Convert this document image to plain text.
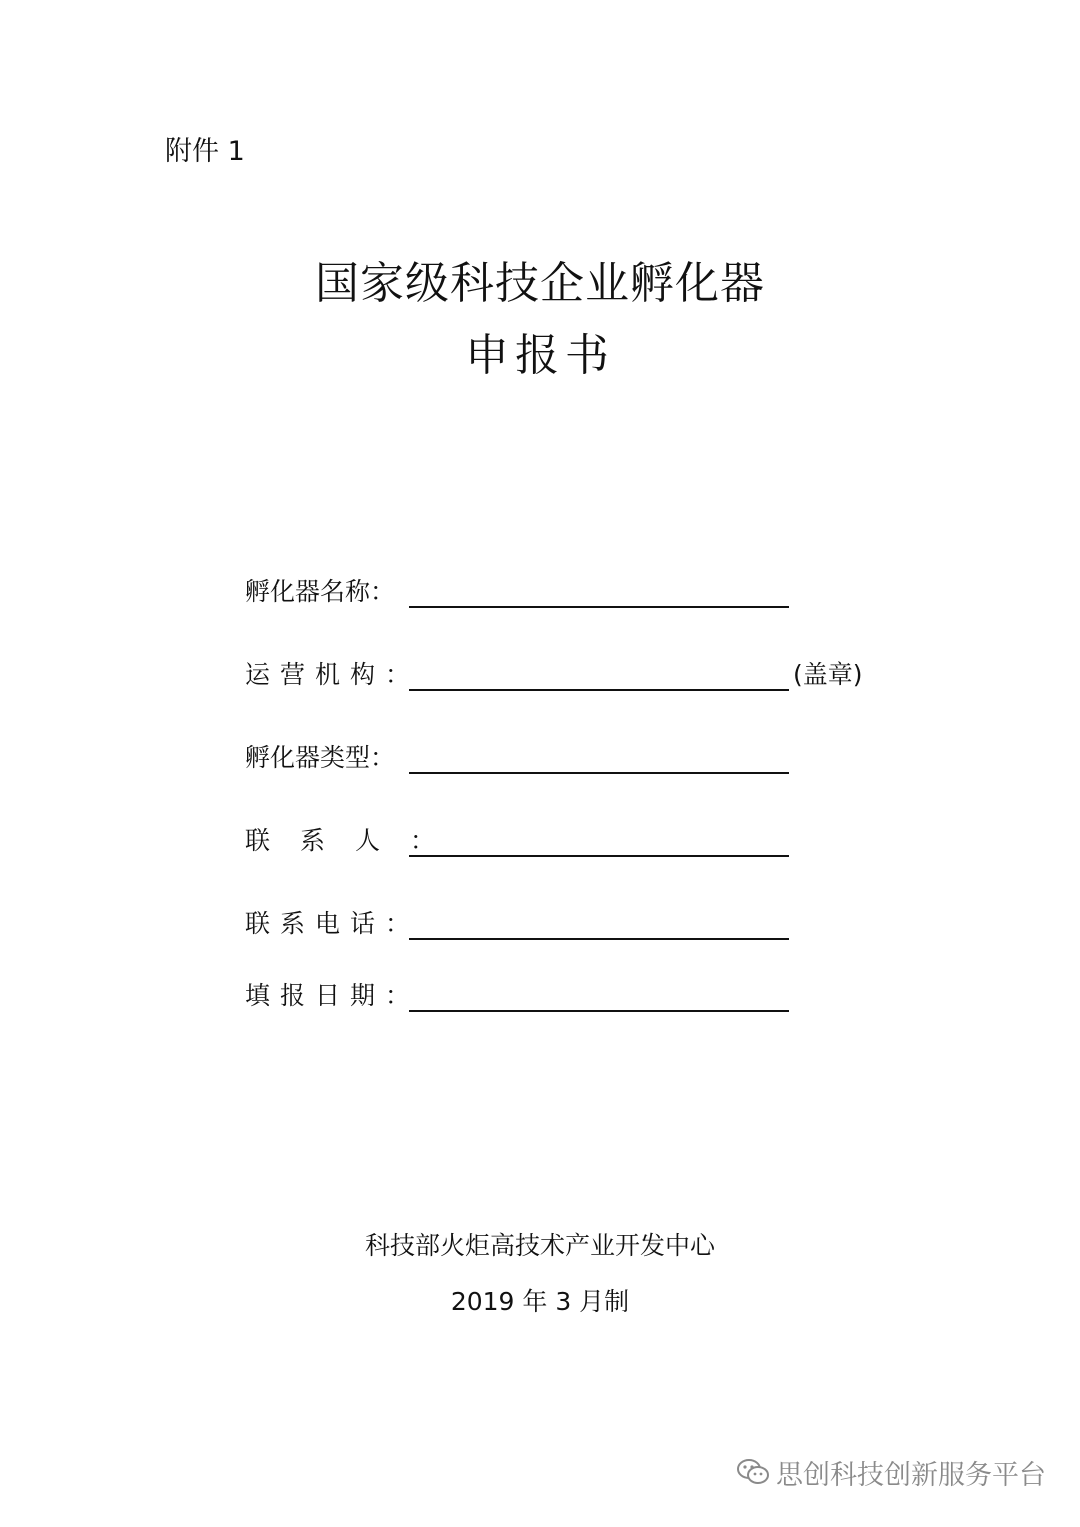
附件 1
国家级科技企业孵化器
申报书
孵化器名称：
运营机构：	(盖章)
孵化器类型：
联系人：
联系电话：
填报日期：
科技部火炬高技术产业开发中心
2019 年 3 月制
思创科技创新服务平台
